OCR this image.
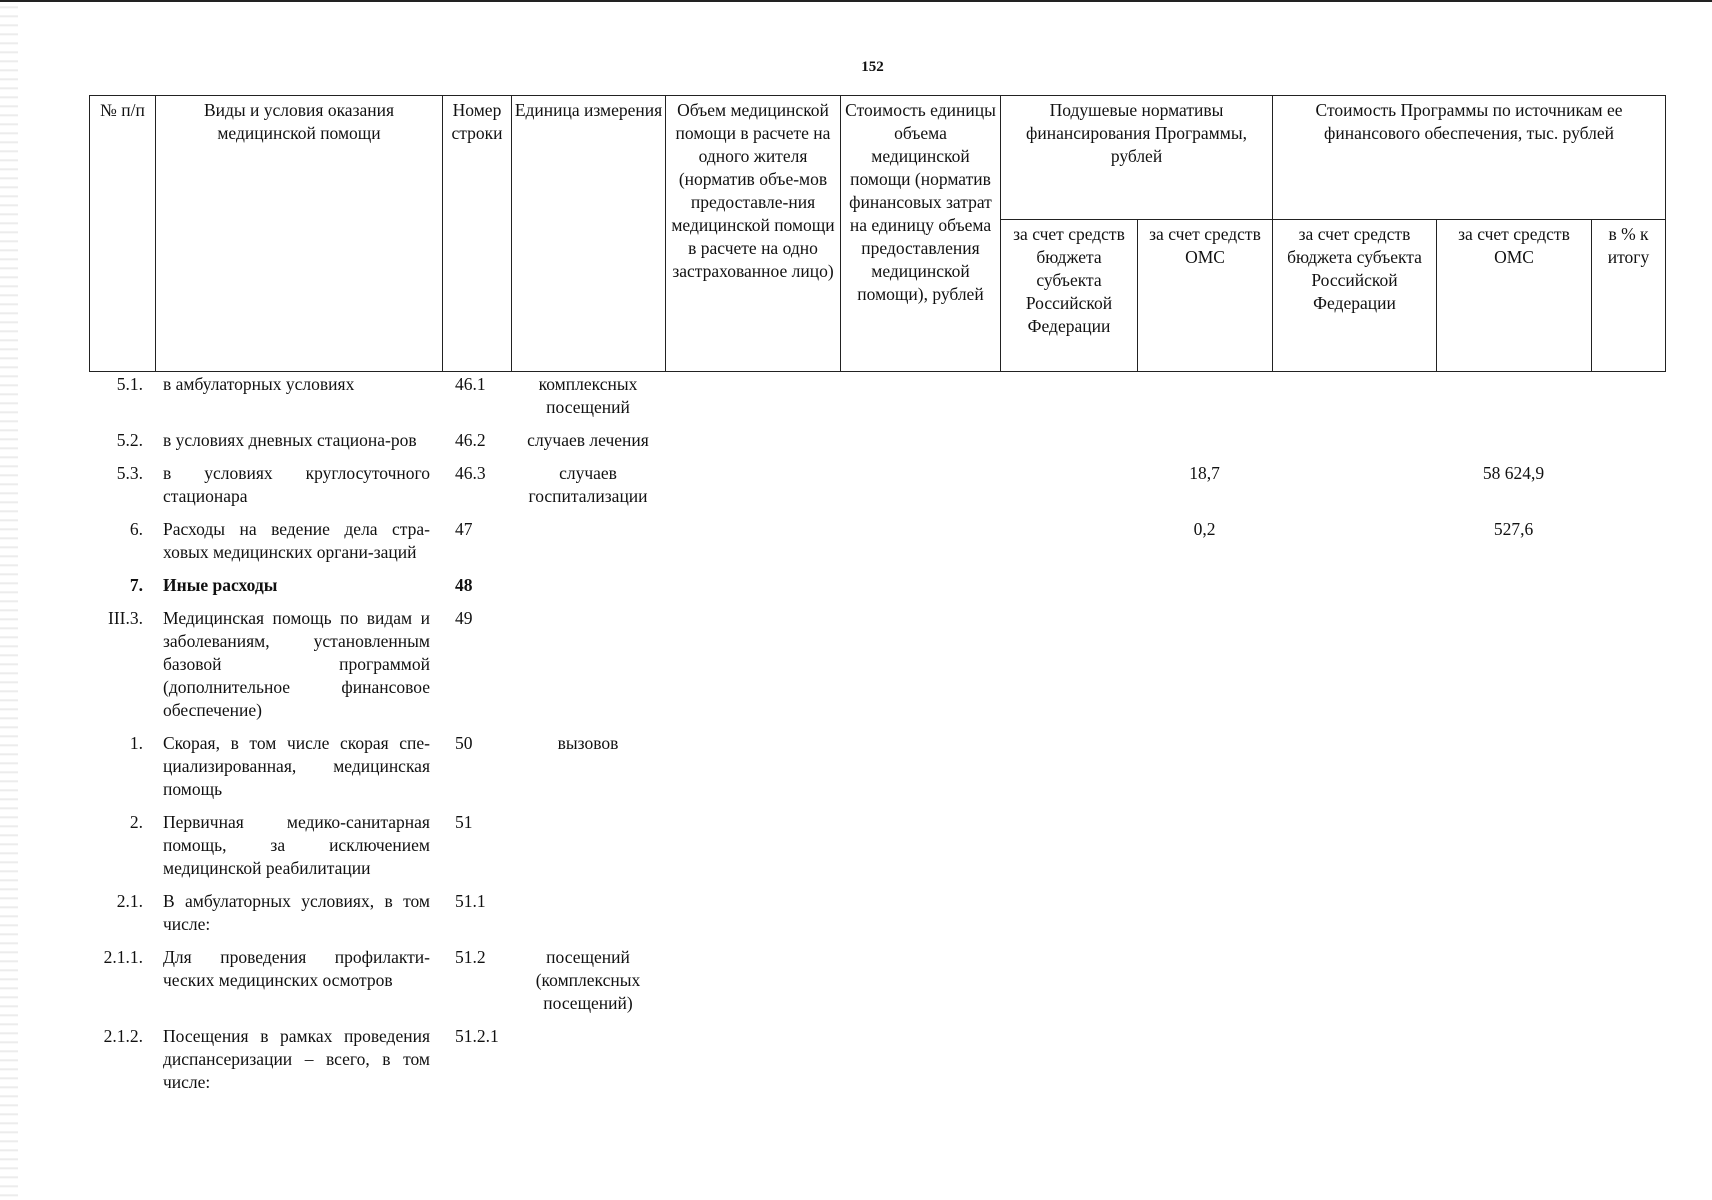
152
№ п/п	Виды и условия оказания медицинской помощи	Номер строки	Единица измерения	Объем медицинской помощи в расчете на одного жителя (норматив объе-мов предоставле-ния медицинской помощи в расчете на одно застрахованное лицо)	Стоимость единицы объема медицинской помощи (норматив финансовых затрат на единицу объема предоставления медицинской помощи), рублей	Подушевые нормативы финансирования Программы, рублей		Стоимость Программы по источникам ее финансового обеспечения, тыс. рублей		
						за счет средств бюджета субъекта Российской Федерации	за счет средств ОМС	за счет средств бюджета субъекта Российской Федерации	за счет средств ОМС	в % к итогу
5.1.	в амбулаторных условиях	46.1	комплексных посещений							
5.2.	в условиях дневных стациона-ров	46.2	случаев лечения							
5.3.	в условиях круглосуточного стационара	46.3	случаев госпитализации				18,7		58 624,9	
6.	Расходы на ведение дела стра-ховых медицинских органи-заций	47					0,2		527,6	
7.	Иные расходы	48								
III.3.	Медицинская помощь по видам и заболеваниям, установленным базовой программой (дополнительное финансовое обеспечение)	49								
1.	Скорая, в том числе скорая спе-циализированная, медицинская помощь	50	вызовов							
2.	Первичная медико-санитарная помощь, за исключением медицинской реабилитации	51								
2.1.	В амбулаторных условиях, в том числе:	51.1								
2.1.1.	Для проведения профилакти-ческих медицинских осмотров	51.2	посещений (комплексных посещений)							
2.1.2.	Посещения в рамках проведения диспансеризации – всего, в том числе:	51.2.1								
